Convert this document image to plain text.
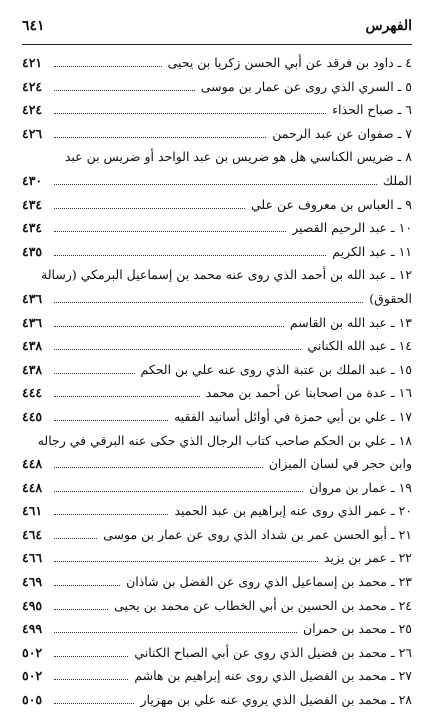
الفهرس
٦٤١
٤ ـ داود بن فرقد عن أبي الحسن زكريا بن يحيى
٤٢١
٥ ـ السري الذي روى عن عمار بن موسى
٤٢٤
٦ ـ صباح الحذاء
٤٢٤
٧ ـ صفوان عن عبد الرحمن
٤٢٦
٨ ـ ضريس الكناسي هل هو ضريس بن عبد الواحد أو ضريس بن عبد
الملك
٤٣٠
٩ ـ العباس بن معروف عن علي
٤٣٤
١٠ ـ عبد الرحيم القصير
٤٣٤
١١ ـ عبد الكريم
٤٣٥
١٢ ـ عبد الله بن أحمد الذي روى عنه محمد بن إسماعيل البرمكي (رسالة
الحقوق)
٤٣٦
١٣ ـ عبد الله بن القاسم
٤٣٦
١٤ ـ عبد الله الكناني
٤٣٨
١٥ ـ عبد الملك بن عتبة الذي روى عنه علي بن الحكم
٤٣٨
١٦ ـ عدة من اصحابنا عن أحمد بن محمد
٤٤٤
١٧ ـ علي بن أبي حمزة في أوائل أسانيد الفقيه
٤٤٥
١٨ ـ علي بن الحكم صاحب كتاب الرجال الذي حكى عنه البرقي في رجاله
وابن حجر في لسان الميزان
٤٤٨
١٩ ـ عمار بن مروان
٤٤٨
٢٠ ـ عمر الذي روى عنه إبراهيم بن عبد الحميد
٤٦١
٢١ ـ أبو الحسن عمر بن شداد الذي روى عن عمار بن موسى
٤٦٤
٢٢ ـ عمر بن يزيد
٤٦٦
٢٣ ـ محمد بن إسماعيل الذي روى عن الفضل بن شاذان
٤٦٩
٢٤ ـ محمد بن الحسين بن أبي الخطاب عن محمد بن يحيى
٤٩٥
٢٥ ـ محمد بن حمران
٤٩٩
٢٦ ـ محمد بن فضيل الذي روى عن أبي الصباح الكناني
٥٠٢
٢٧ ـ محمد بن الفضيل الذي روى عنه إبراهيم بن هاشم
٥٠٢
٢٨ ـ محمد بن الفضيل الذي يروي عنه علي بن مهزيار
٥٠٥
